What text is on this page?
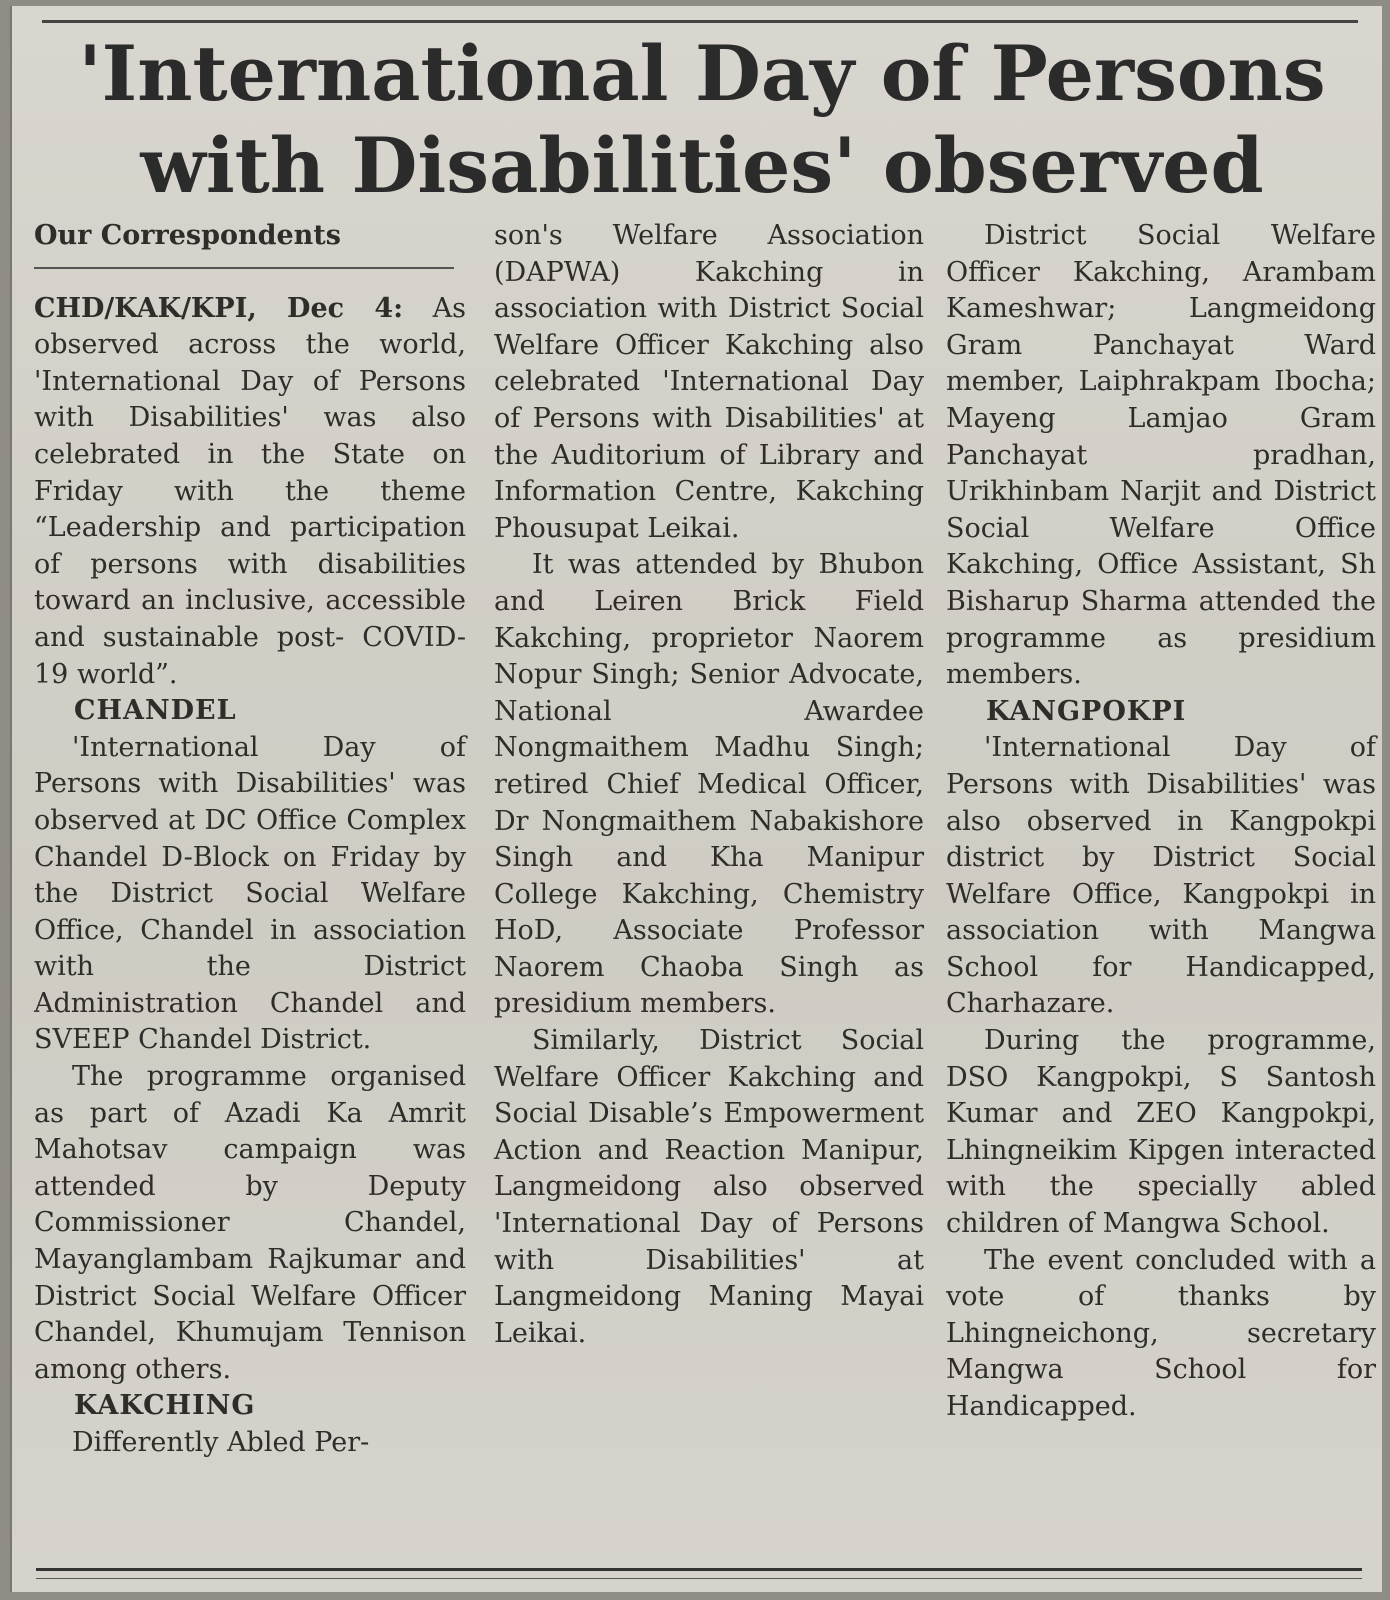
'International Day of Persons with Disabilities' observed
Our Correspondents

CHD/KAK/KPI, Dec 4: As observed across the world, 'International Day of Persons with Disabilities' was also celebrated in the State on Friday with the theme “Leadership and participation of persons with disabilities toward an inclusive, accessible and sustainable post- COVID-19 world”.

CHANDEL

'International Day of Persons with Disabilities' was observed at DC Office Complex Chandel D-Block on Friday by the District Social Welfare Office, Chandel in association with the District Administration Chandel and SVEEP Chandel District.

The programme organised as part of Azadi Ka Amrit Mahotsav campaign was attended by Deputy Commissioner Chandel, Mayanglambam Rajkumar and District Social Welfare Officer Chandel, Khumujam Tennison among others.

KAKCHING

Differently Abled Per-

son's Welfare Association (DAPWA) Kakching in association with District Social Welfare Officer Kakching also celebrated 'International Day of Persons with Disabilities' at the Auditorium of Library and Information Centre, Kakching Phousupat Leikai.

It was attended by Bhubon and Leiren Brick Field Kakching, proprietor Naorem Nopur Singh; Senior Advocate, National Awardee Nongmaithem Madhu Singh; retired Chief Medical Officer, Dr Nongmaithem Nabakishore Singh and Kha Manipur College Kakching, Chemistry HoD, Associate Professor Naorem Chaoba Singh as presidium members.

Similarly, District Social Welfare Officer Kakching and Social Disable’s Empowerment Action and Reaction Manipur, Langmeidong also observed 'International Day of Persons with Disabilities' at Langmeidong Maning Mayai Leikai.

District Social Welfare Officer Kakching, Arambam Kameshwar; Langmeidong Gram Panchayat Ward member, Laiphrakpam Ibocha; Mayeng Lamjao Gram Panchayat pradhan, Urikhinbam Narjit and District Social Welfare Office Kakching, Office Assistant, Sh Bisharup Sharma attended the programme as presidium members.

KANGPOKPI

'International Day of Persons with Disabilities' was also observed in Kangpokpi district by District Social Welfare Office, Kangpokpi in association with Mangwa School for Handicapped, Charhazare.

During the programme, DSO Kangpokpi, S Santosh Kumar and ZEO Kangpokpi, Lhingneikim Kipgen interacted with the specially abled children of Mangwa School.

The event concluded with a vote of thanks by Lhingneichong, secretary Mangwa School for Handicapped.
